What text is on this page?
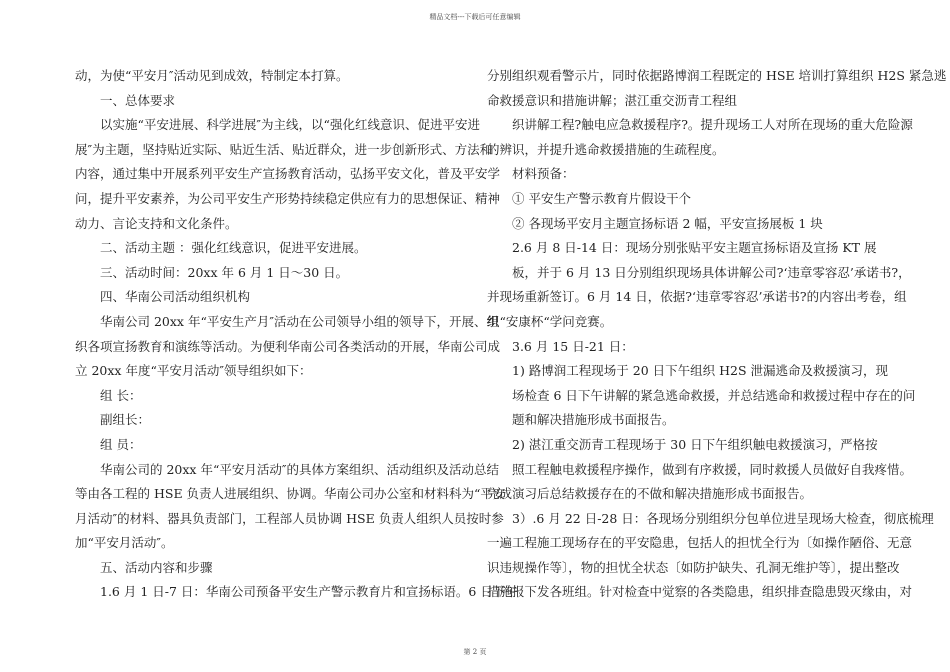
精品文档---下载后可任意编辑

动，为使“平安月″活动见到成效，特制定本打算。

一、总体要求

以实施“平安进展、科学进展″为主线，以“强化红线意识、促进平安进

展″为主题，坚持贴近实际、贴近生活、贴近群众，进一步创新形式、方法和

内容，通过集中开展系列平安生产宣扬教育活动，弘扬平安文化，普及平安学

问，提升平安素养，为公司平安生产形势持续稳定供应有力的思想保证、精神

动力、言论支持和文化条件。

二、活动主题 ：强化红线意识，促进平安进展。

三、活动时间：20xx 年 6 月 1 日～30 日。

四、华南公司活动组织机构

华南公司 20xx 年“平安生产月″活动在公司领导小组的领导下，开展、组

织各项宣扬教育和演练等活动。为便利华南公司各类活动的开展，华南公司成

立 20xx 年度“平安月活动″领导组织如下：

组 长：

副组长：

组 员：

华南公司的 20xx 年“平安月活动″的具体方案组织、活动组织及活动总结

等由各工程的 HSE 负责人进展组织、协调。华南公司办公室和材料科为“平安

月活动″的材料、器具负责部门，工程部人员协调 HSE 负责人组织人员按时参

加“平安月活动″。

五、活动内容和步骤

1.6 月 1 日-7 日：华南公司预备平安生产警示教育片和宣扬标语。6 日下午

分别组织观看警示片，同时依据路博润工程既定的 HSE 培训打算组织 H2S 紧急逃

命救援意识和措施讲解；湛江重交沥青工程组

织讲解工程?触电应急救援程序?。提升现场工人对所在现场的重大危险源

的辨识，并提升逃命救援措施的生疏程度。

材料预备：

① 平安生产警示教育片假设干个

② 各现场平安月主题宣扬标语 2 幅，平安宣扬展板 1 块

2.6 月 8 日-14 日：现场分别张贴平安主题宣扬标语及宣扬 KT 展

板，并于 6 月 13 日分别组织现场具体讲解公司?‘违章零容忍’承诺书?，

并现场重新签订。6 月 14 日，依据?‘违章零容忍’承诺书?的内容出考卷，组

织“安康杯“学问竞赛。

3.6 月 15 日-21 日：

1) 路博润工程现场于 20 日下午组织 H2S 泄漏逃命及救援演习，现

场检查 6 日下午讲解的紧急逃命救援，并总结逃命和救援过程中存在的问

题和解决措施形成书面报告。

2) 湛江重交沥青工程现场于 30 日下午组织触电救援演习，严格按

照工程触电救援程序操作，做到有序救援，同时救援人员做好自我疼惜。

完成演习后总结救援存在的不做和解决措施形成书面报告。

3）.6 月 22 日-28 日：各现场分别组织分包单位进呈现场大检查，彻底梳理

一遍工程施工现场存在的平安隐患，包括人的担忧全行为〔如操作陋俗、无意

识违规操作等〕，物的担忧全状态〔如防护缺失、孔洞无维护等〕，提出整改

措施报下发各班组。针对检查中觉察的各类隐患，组织排查隐患毁灭缘由，对

第 2 页
